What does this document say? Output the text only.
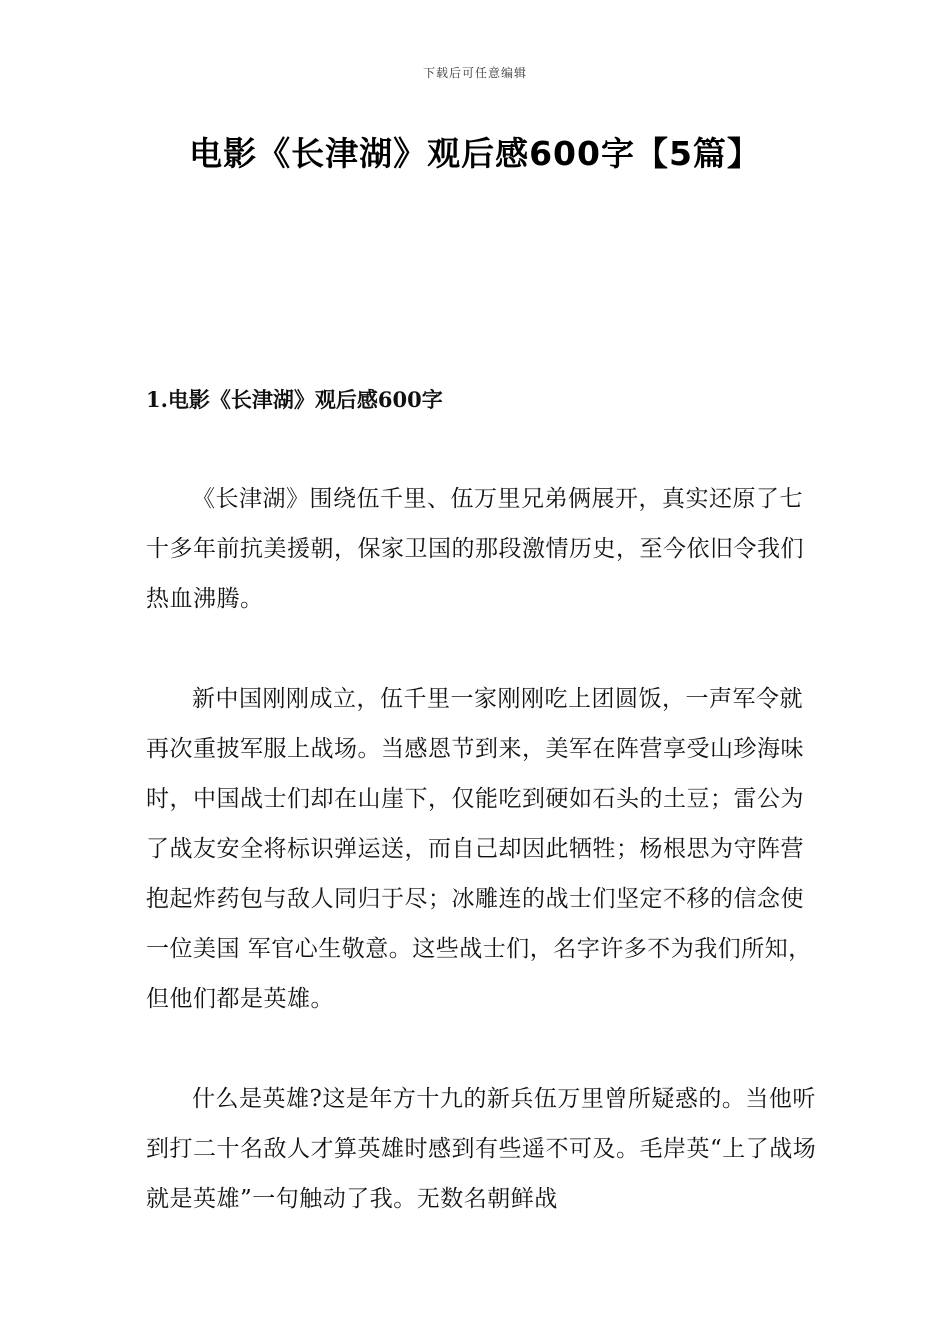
下载后可任意编辑
电影《长津湖》观后感600字【5篇】
1.电影《长津湖》观后感600字

《长津湖》围绕伍千里、伍万里兄弟俩展开，真实还原了七十多年前抗美援朝，保家卫国的那段激情历史，至今依旧令我们热血沸腾。

新中国刚刚成立，伍千里一家刚刚吃上团圆饭，一声军令就再次重披军服上战场。当感恩节到来，美军在阵营享受山珍海味时，中国战士们却在山崖下，仅能吃到硬如石头的土豆；雷公为了战友安全将标识弹运送，而自己却因此牺牲；杨根思为守阵营抱起炸药包与敌人同归于尽；冰雕连的战士们坚定不移的信念使一位美国 军官心生敬意。这些战士们，名字许多不为我们所知，但他们都是英雄。

什么是英雄?这是年方十九的新兵伍万里曾所疑惑的。当他听到打二十名敌人才算英雄时感到有些遥不可及。毛岸英“上了战场就是英雄”一句触动了我。无数名朝鲜战
